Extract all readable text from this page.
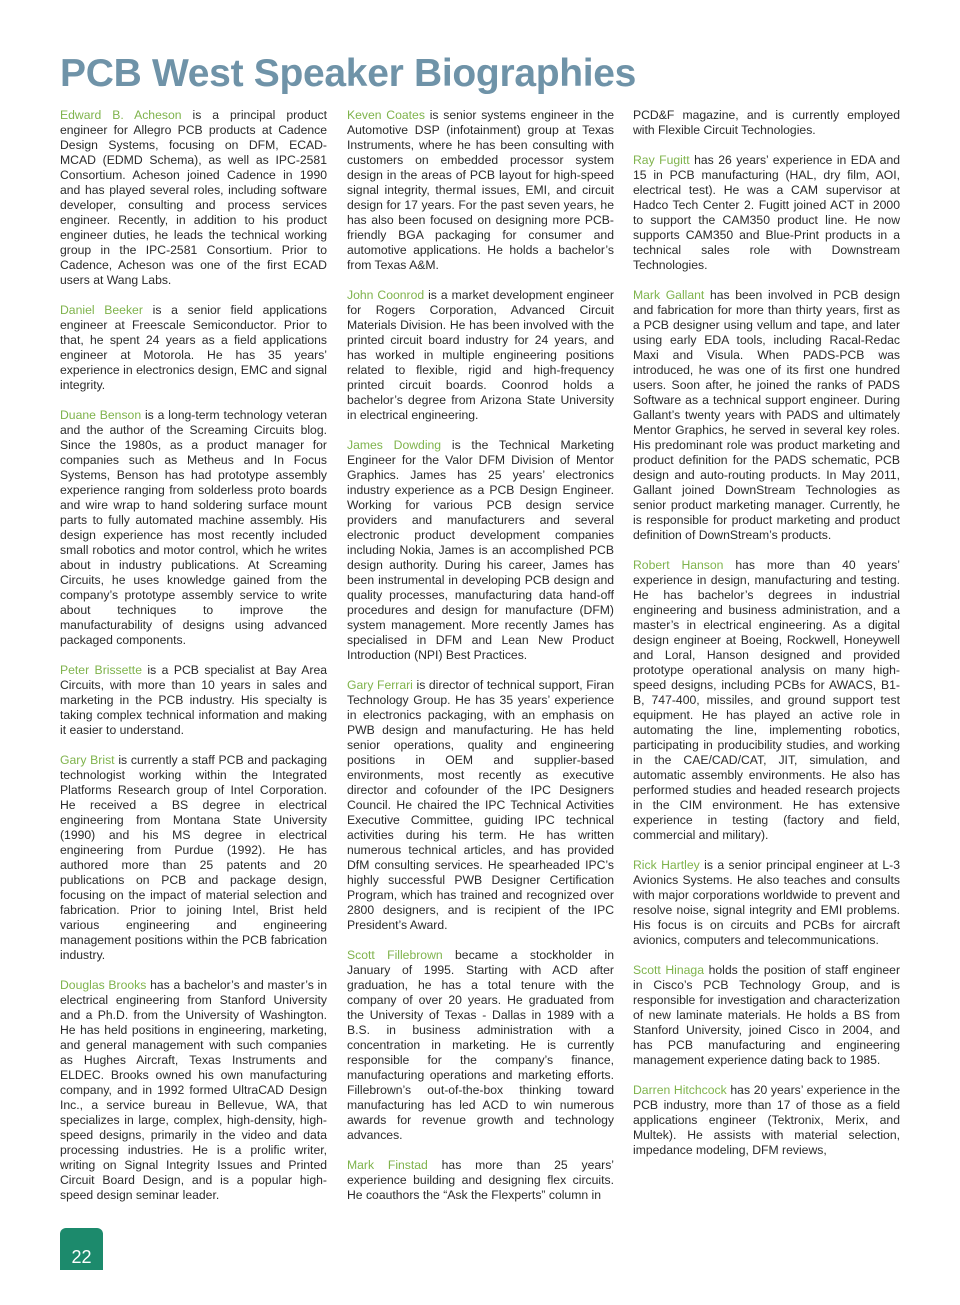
PCB West Speaker Biographies

Edward B. Acheson is a principal product engineer for Allegro PCB products at Cadence Design Systems, focusing on DFM, ECAD-MCAD (EDMD Schema), as well as IPC-2581 Consortium. Acheson joined Cadence in 1990 and has played several roles, including software developer, consulting and process services engineer. Recently, in addition to his product engineer duties, he leads the technical working group in the IPC-2581 Consortium. Prior to Cadence, Acheson was one of the first ECAD users at Wang Labs.

Daniel Beeker is a senior field applications engineer at Freescale Semiconductor. Prior to that, he spent 24 years as a field applications engineer at Motorola. He has 35 years’ experience in electronics design, EMC and signal integrity.

Duane Benson is a long-term technology veteran and the author of the Screaming Circuits blog. Since the 1980s, as a product manager for companies such as Metheus and In Focus Systems, Benson has had prototype assembly experience ranging from solderless proto boards and wire wrap to hand soldering surface mount parts to fully automated machine assembly. His design experience has most recently included small robotics and motor control, which he writes about in industry publications. At Screaming Circuits, he uses knowledge gained from the company’s prototype assembly service to write about techniques to improve the manufacturability of designs using advanced packaged components.

Peter Brissette is a PCB specialist at Bay Area Circuits, with more than 10 years in sales and marketing in the PCB industry. His specialty is taking complex technical information and making it easier to understand.

Gary Brist is currently a staff PCB and packaging technologist working within the Integrated Platforms Research group of Intel Corporation. He received a BS degree in electrical engineering from Montana State University (1990) and his MS degree in electrical engineering from Purdue (1992). He has authored more than 25 patents and 20 publications on PCB and package design, focusing on the impact of material selection and fabrication. Prior to joining Intel, Brist held various engineering and engineering management positions within the PCB fabrication industry.

Douglas Brooks has a bachelor’s and master’s in electrical engineering from Stanford University and a Ph.D. from the University of Washington. He has held positions in engineering, marketing, and general management with such companies as Hughes Aircraft, Texas Instruments and ELDEC. Brooks owned his own manufacturing company, and in 1992 formed UltraCAD Design Inc., a service bureau in Bellevue, WA, that specializes in large, complex, high-density, high-speed designs, primarily in the video and data processing industries. He is a prolific writer, writing on Signal Integrity Issues and Printed Circuit Board Design, and is a popular high-speed design seminar leader.

Keven Coates is senior systems engineer in the Automotive DSP (infotainment) group at Texas Instruments, where he has been consulting with customers on embedded processor system design in the areas of PCB layout for high-speed signal integrity, thermal issues, EMI, and circuit design for 17 years. For the past seven years, he has also been focused on designing more PCB-friendly BGA packaging for consumer and automotive applications. He holds a bachelor’s from Texas A&M.

John Coonrod is a market development engineer for Rogers Corporation, Advanced Circuit Materials Division. He has been involved with the printed circuit board industry for 24 years, and has worked in multiple engineering positions related to flexible, rigid and high-frequency printed circuit boards. Coonrod holds a bachelor’s degree from Arizona State University in electrical engineering.

James Dowding is the Technical Marketing Engineer for the Valor DFM Division of Mentor Graphics. James has 25 years’ electronics industry experience as a PCB Design Engineer. Working for various PCB design service providers and manufacturers and several electronic product development companies including Nokia, James is an accomplished PCB design authority. During his career, James has been instrumental in developing PCB design and quality processes, manufacturing data hand-off procedures and design for manufacture (DFM) system management. More recently James has specialised in DFM and Lean New Product Introduction (NPI) Best Practices.

Gary Ferrari is director of technical support, Firan Technology Group. He has 35 years’ experience in electronics packaging, with an emphasis on PWB design and manufacturing. He has held senior operations, quality and engineering positions in OEM and supplier-based environments, most recently as executive director and cofounder of the IPC Designers Council. He chaired the IPC Technical Activities Executive Committee, guiding IPC technical activities during his term. He has written numerous technical articles, and has provided DfM consulting services. He spearheaded IPC’s highly successful PWB Designer Certification Program, which has trained and recognized over 2800 designers, and is recipient of the IPC President’s Award.

Scott Fillebrown became a stockholder in January of 1995. Starting with ACD after graduation, he has a total tenure with the company of over 20 years. He graduated from the University of Texas - Dallas in 1989 with a B.S. in business administration with a concentration in marketing. He is currently responsible for the company’s finance, manufacturing operations and marketing efforts. Fillebrown’s out-of-the-box thinking toward manufacturing has led ACD to win numerous awards for revenue growth and technology advances.

Mark Finstad has more than 25 years’ experience building and designing flex circuits. He coauthors the “Ask the Flexperts” column in

PCD&F magazine, and is currently employed with Flexible Circuit Technologies.

Ray Fugitt has 26 years’ experience in EDA and 15 in PCB manufacturing (HAL, dry film, AOI, electrical test). He was a CAM supervisor at Hadco Tech Center 2. Fugitt joined ACT in 2000 to support the CAM350 product line. He now supports CAM350 and Blue-Print products in a technical sales role with Downstream Technologies.

Mark Gallant has been involved in PCB design and fabrication for more than thirty years, first as a PCB designer using vellum and tape, and later using early EDA tools, including Racal-Redac Maxi and Visula. When PADS-PCB was introduced, he was one of its first one hundred users. Soon after, he joined the ranks of PADS Software as a technical support engineer. During Gallant’s twenty years with PADS and ultimately Mentor Graphics, he served in several key roles. His predominant role was product marketing and product definition for the PADS schematic, PCB design and auto-routing products. In May 2011, Gallant joined DownStream Technologies as senior product marketing manager. Currently, he is responsible for product marketing and product definition of DownStream’s products.

Robert Hanson has more than 40 years’ experience in design, manufacturing and testing. He has bachelor’s degrees in industrial engineering and business administration, and a master’s in electrical engineering. As a digital design engineer at Boeing, Rockwell, Honeywell and Loral, Hanson designed and provided prototype operational analysis on many high-speed designs, including PCBs for AWACS, B1-B, 747-400, missiles, and ground support test equipment. He has played an active role in automating the line, implementing robotics, participating in producibility studies, and working in the CAE/CAD/CAT, JIT, simulation, and automatic assembly environments. He also has performed studies and headed research projects in the CIM environment. He has extensive experience in testing (factory and field, commercial and military).

Rick Hartley is a senior principal engineer at L-3 Avionics Systems. He also teaches and consults with major corporations worldwide to prevent and resolve noise, signal integrity and EMI problems. His focus is on circuits and PCBs for aircraft avionics, computers and telecommunications.

Scott Hinaga holds the position of staff engineer in Cisco’s PCB Technology Group, and is responsible for investigation and characterization of new laminate materials. He holds a BS from Stanford University, joined Cisco in 2004, and has PCB manufacturing and engineering management experience dating back to 1985.

Darren Hitchcock has 20 years’ experience in the PCB industry, more than 17 of those as a field applications engineer (Tektronix, Merix, and Multek). He assists with material selection, impedance modeling, DFM reviews,

22
